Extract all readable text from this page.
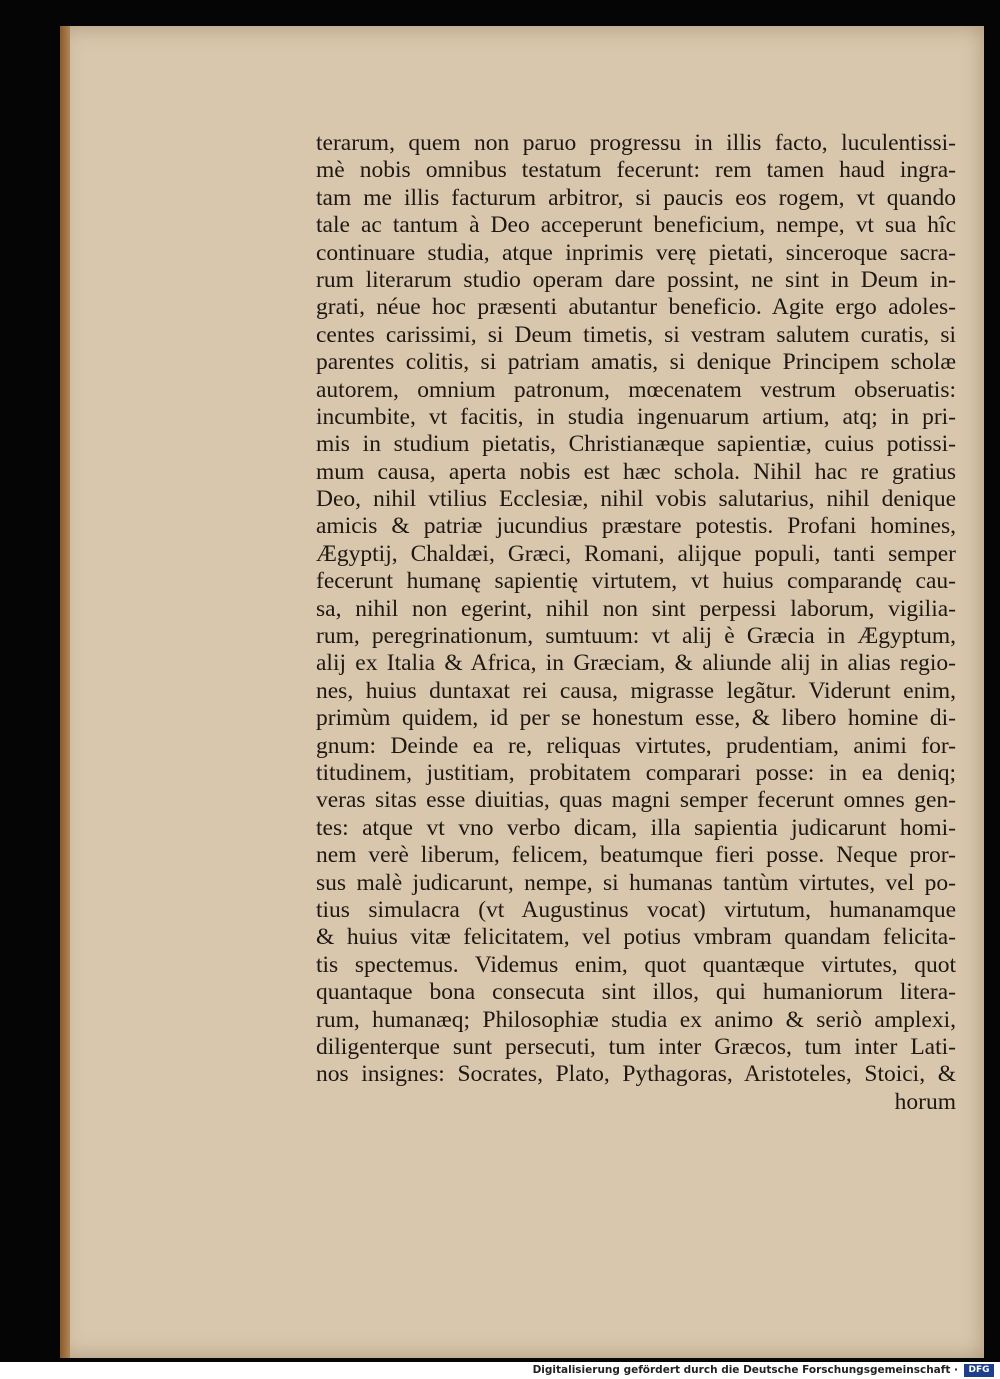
terarum, quem non paruo progressu in illis facto, luculentissi-
mè nobis omnibus testatum fecerunt: rem tamen haud ingra-
tam me illis facturum arbitror, si paucis eos rogem, vt quando
tale ac tantum à Deo acceperunt beneficium, nempe, vt sua hîc
continuare studia, atque inprimis verę pietati, sinceroque sacra-
rum literarum studio operam dare possint, ne sint in Deum in-
grati, néue hoc præsenti abutantur beneficio. Agite ergo adoles-
centes carissimi, si Deum timetis, si vestram salutem curatis, si
parentes colitis, si patriam amatis, si denique Principem scholæ
autorem, omnium patronum, mœcenatem vestrum obseruatis:
incumbite, vt facitis, in studia ingenuarum artium, atq; in pri-
mis in studium pietatis, Christianæque sapientiæ, cuius potissi-
mum causa, aperta nobis est hæc schola. Nihil hac re gratius
Deo, nihil vtilius Ecclesiæ, nihil vobis salutarius, nihil denique
amicis & patriæ jucundius præstare potestis. Profani homines,
Ægyptij, Chaldæi, Græci, Romani, alijque populi, tanti semper
fecerunt humanę sapientię virtutem, vt huius comparandę cau-
sa, nihil non egerint, nihil non sint perpessi laborum, vigilia-
rum, peregrinationum, sumtuum: vt alij è Græcia in Ægyptum,
alij ex Italia & Africa, in Græciam, & aliunde alij in alias regio-
nes, huius duntaxat rei causa, migrasse legãtur. Viderunt enim,
primùm quidem, id per se honestum esse, & libero homine di-
gnum: Deinde ea re, reliquas virtutes, prudentiam, animi for-
titudinem, justitiam, probitatem comparari posse: in ea deniq;
veras sitas esse diuitias, quas magni semper fecerunt omnes gen-
tes: atque vt vno verbo dicam, illa sapientia judicarunt homi-
nem verè liberum, felicem, beatumque fieri posse. Neque pror-
sus malè judicarunt, nempe, si humanas tantùm virtutes, vel po-
tius simulacra (vt Augustinus vocat) virtutum, humanamque
& huius vitæ felicitatem, vel potius vmbram quandam felicita-
tis spectemus. Videmus enim, quot quantæque virtutes, quot
quantaque bona consecuta sint illos, qui humaniorum litera-
rum, humanæq; Philosophiæ studia ex animo & seriò amplexi,
diligenterque sunt persecuti, tum inter Græcos, tum inter Lati-
nos insignes: Socrates, Plato, Pythagoras, Aristoteles, Stoici, &
horum
Digitalisierung gefördert durch die Deutsche Forschungsgemeinschaft ·	DFG
